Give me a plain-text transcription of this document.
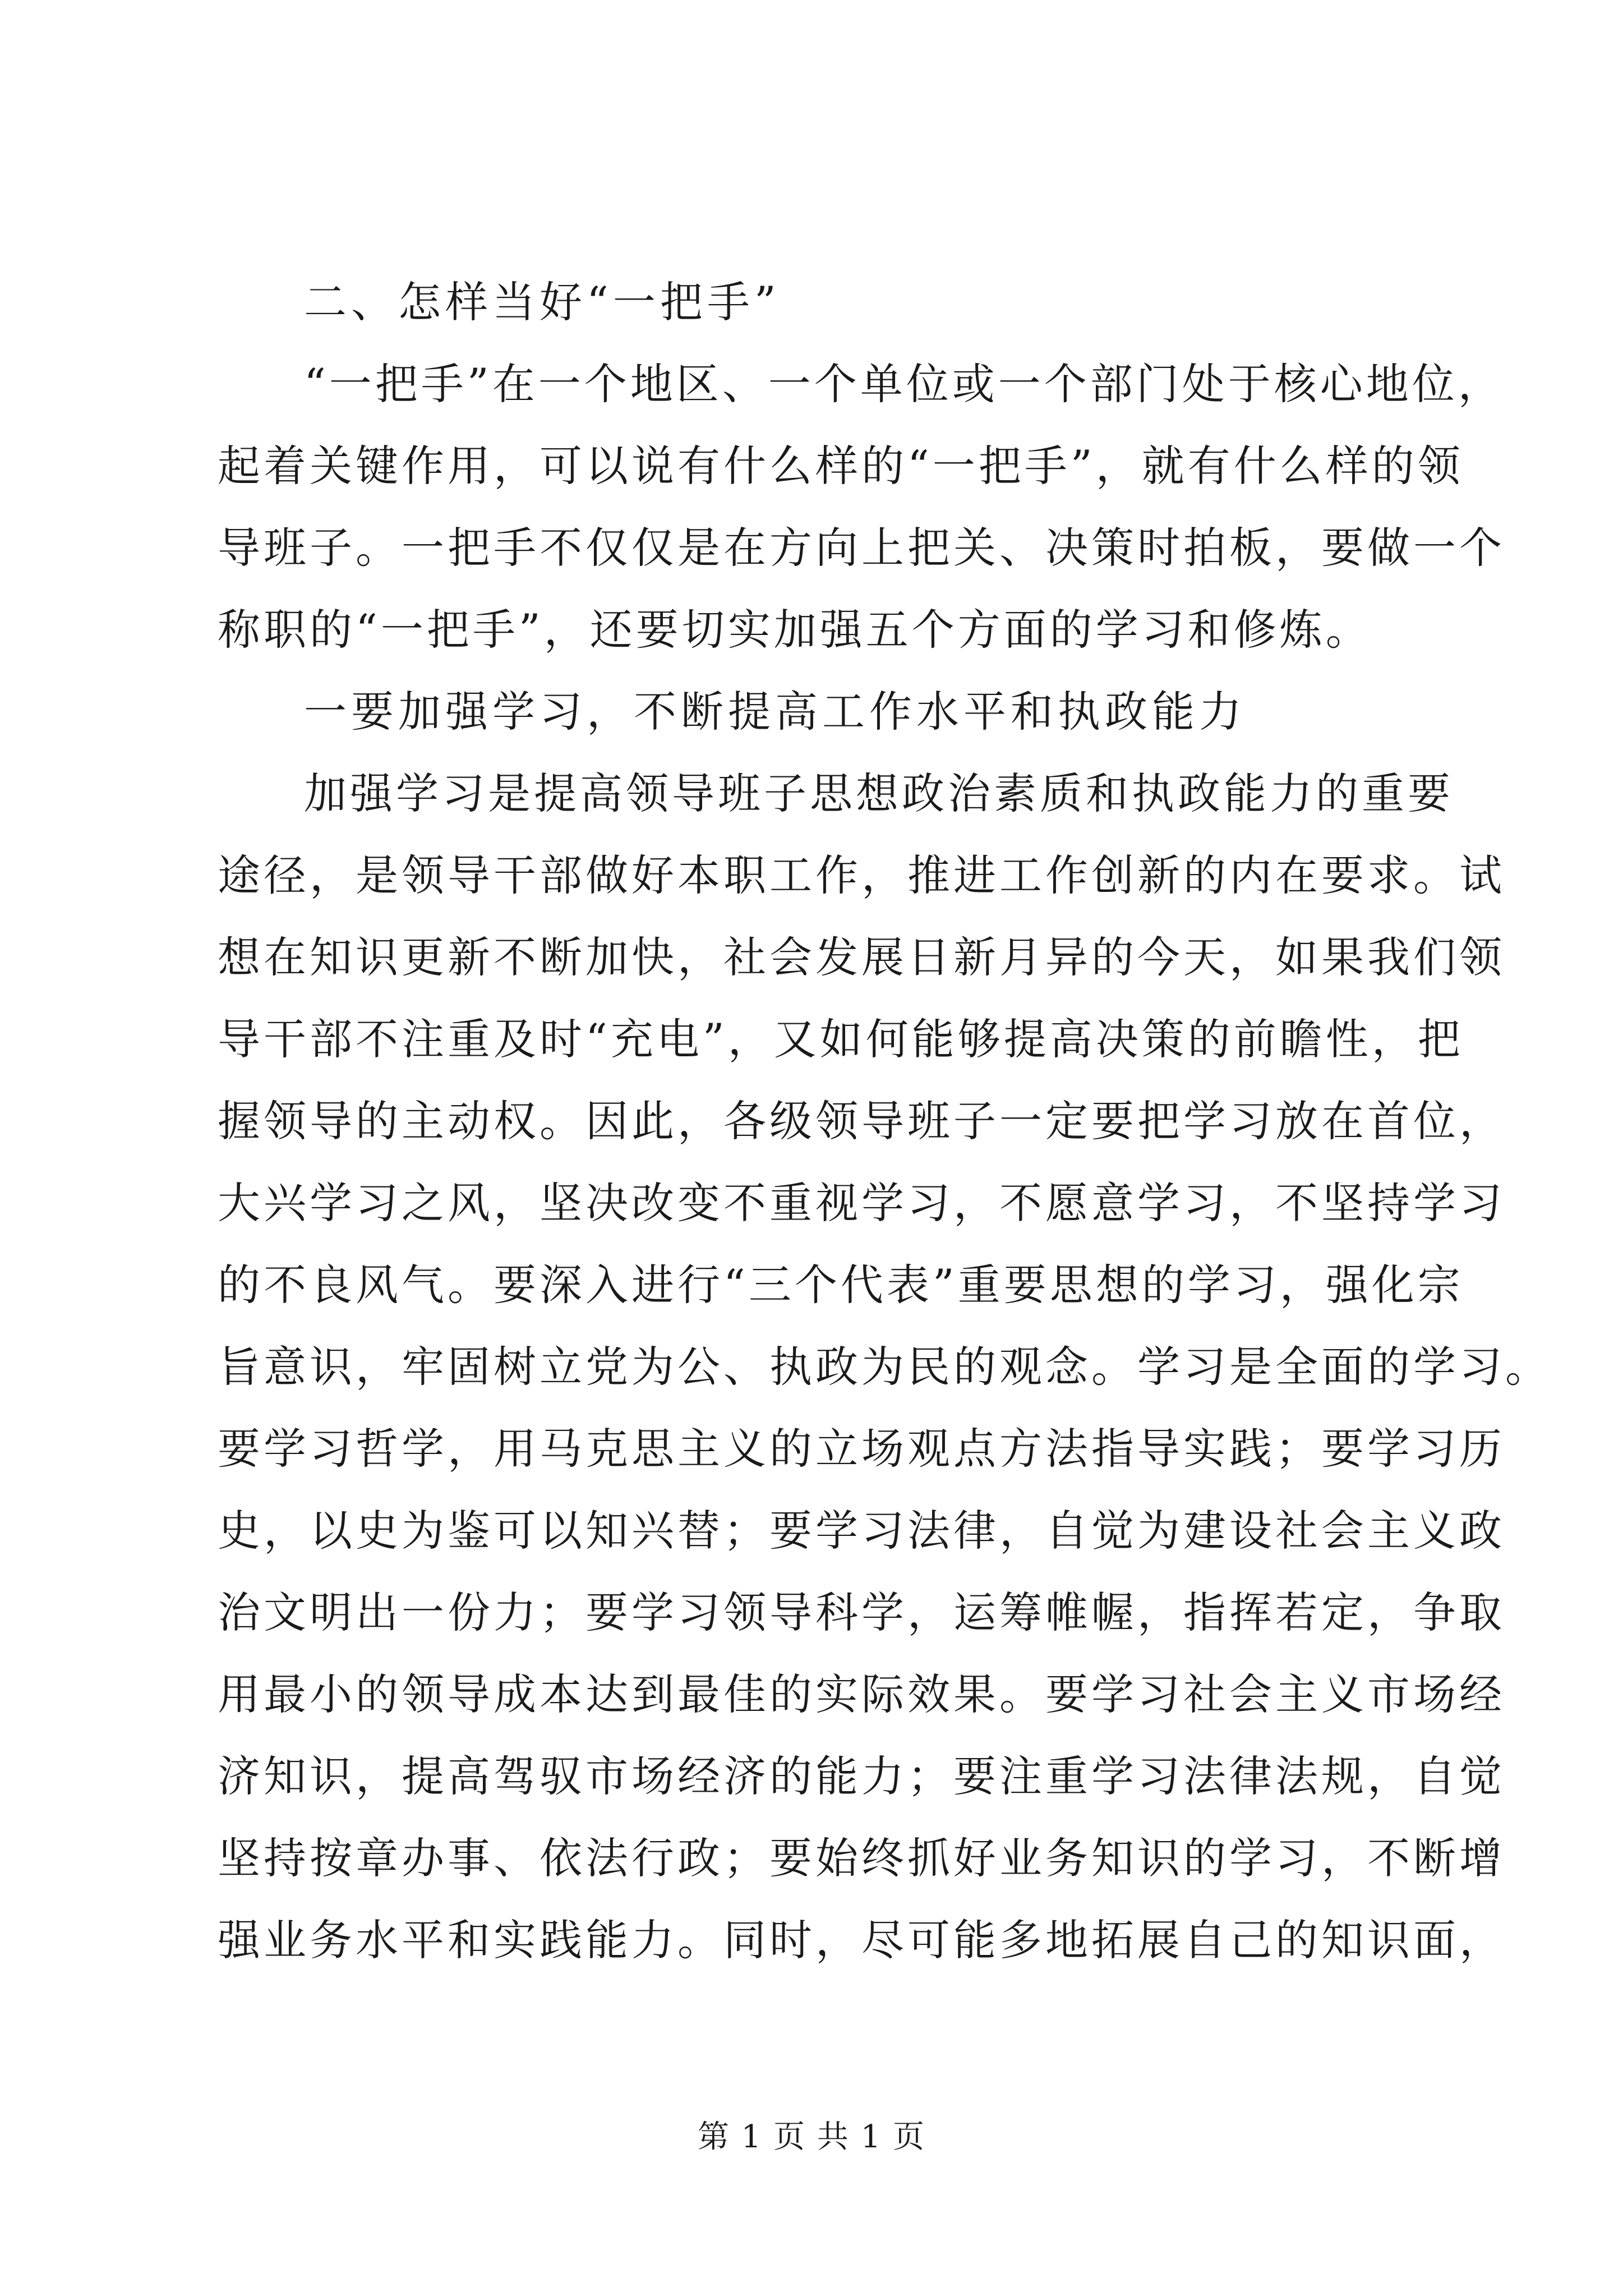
二、怎样当好“一把手”
“一把手”在一个地区、一个单位或一个部门处于核心地位，
起着关键作用，可以说有什么样的“一把手”，就有什么样的领
导班子。一把手不仅仅是在方向上把关、决策时拍板，要做一个
称职的“一把手”，还要切实加强五个方面的学习和修炼。
一要加强学习，不断提高工作水平和执政能力
加强学习是提高领导班子思想政治素质和执政能力的重要
途径，是领导干部做好本职工作，推进工作创新的内在要求。试
想在知识更新不断加快，社会发展日新月异的今天，如果我们领
导干部不注重及时“充电”，又如何能够提高决策的前瞻性，把
握领导的主动权。因此，各级领导班子一定要把学习放在首位，
大兴学习之风，坚决改变不重视学习，不愿意学习，不坚持学习
的不良风气。要深入进行“三个代表”重要思想的学习，强化宗
旨意识，牢固树立党为公、执政为民的观念。学习是全面的学习。
要学习哲学，用马克思主义的立场观点方法指导实践；要学习历
史，以史为鉴可以知兴替；要学习法律，自觉为建设社会主义政
治文明出一份力；要学习领导科学，运筹帷幄，指挥若定，争取
用最小的领导成本达到最佳的实际效果。要学习社会主义市场经
济知识，提高驾驭市场经济的能力；要注重学习法律法规，自觉
坚持按章办事、依法行政；要始终抓好业务知识的学习，不断增
强业务水平和实践能力。同时，尽可能多地拓展自己的知识面，
第 1 页 共 1 页
